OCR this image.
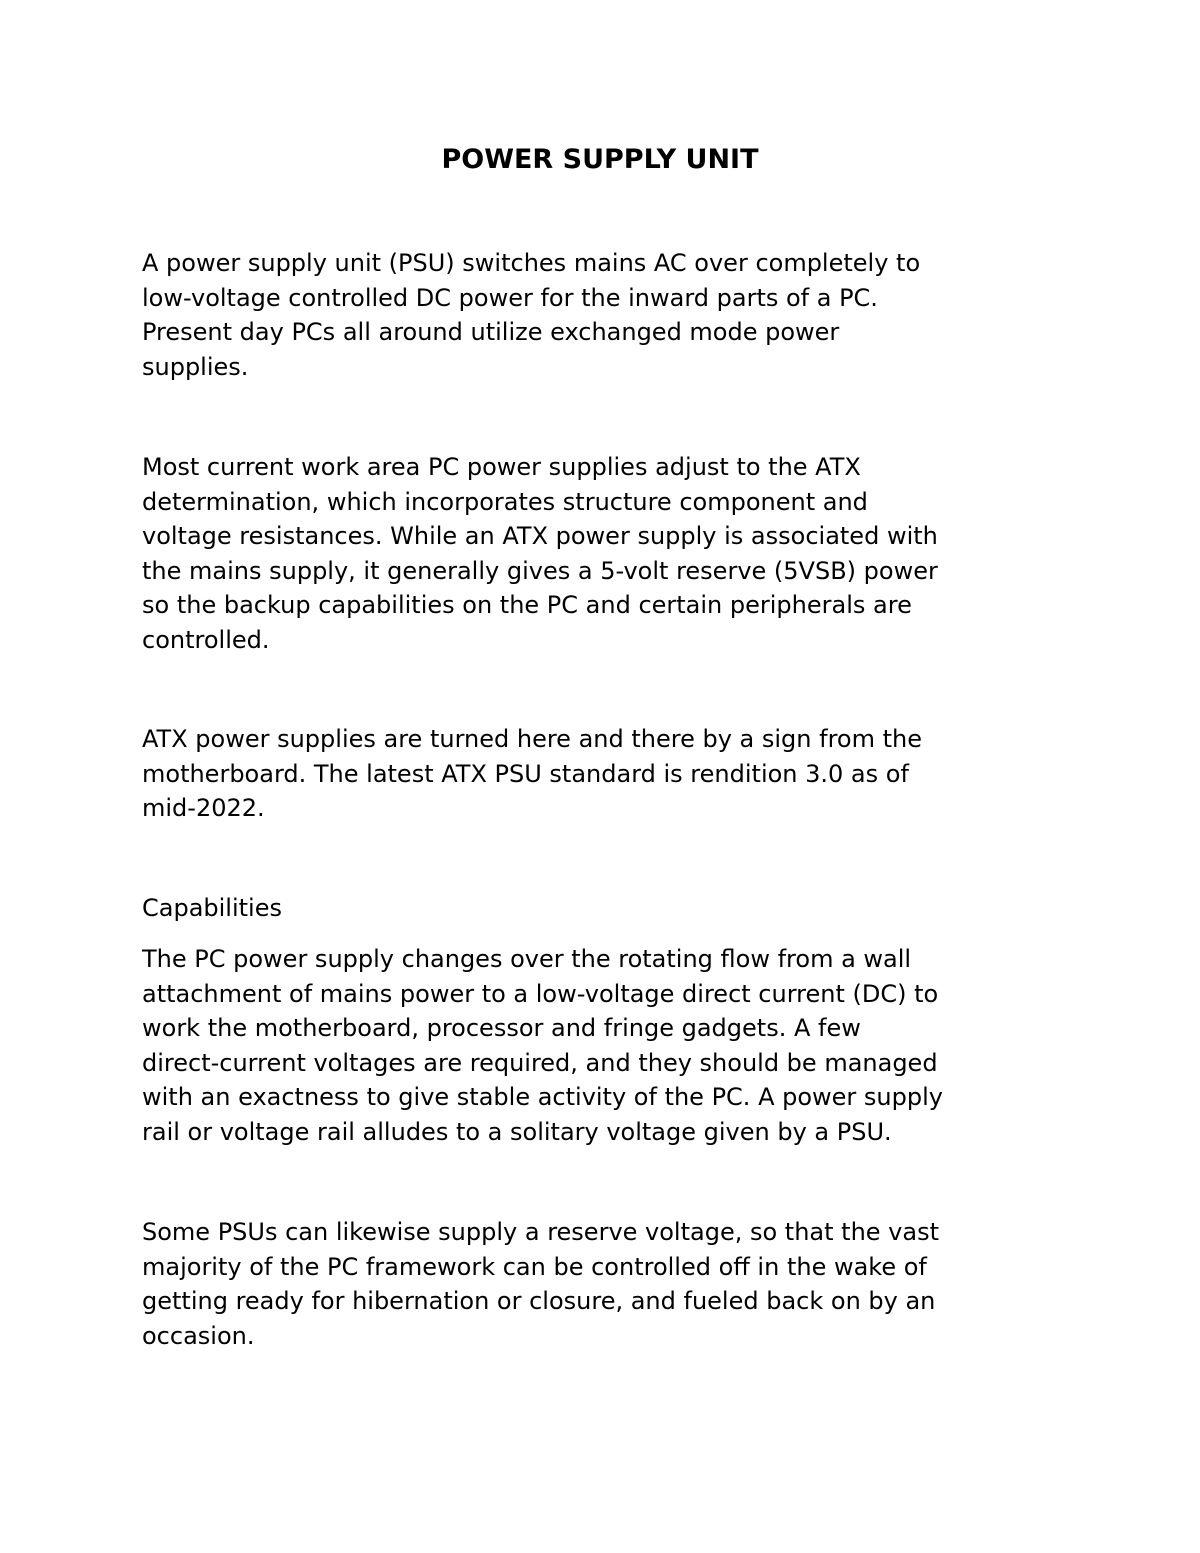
POWER SUPPLY UNIT

A power supply unit (PSU) switches mains AC over completely to
low-voltage controlled DC power for the inward parts of a PC.
Present day PCs all around utilize exchanged mode power
supplies.

Most current work area PC power supplies adjust to the ATX
determination, which incorporates structure component and
voltage resistances. While an ATX power supply is associated with
the mains supply, it generally gives a 5-volt reserve (5VSB) power
so the backup capabilities on the PC and certain peripherals are
controlled.

ATX power supplies are turned here and there by a sign from the
motherboard. The latest ATX PSU standard is rendition 3.0 as of
mid-2022.

Capabilities

The PC power supply changes over the rotating flow from a wall
attachment of mains power to a low-voltage direct current (DC) to
work the motherboard, processor and fringe gadgets. A few
direct-current voltages are required, and they should be managed
with an exactness to give stable activity of the PC. A power supply
rail or voltage rail alludes to a solitary voltage given by a PSU.

Some PSUs can likewise supply a reserve voltage, so that the vast
majority of the PC framework can be controlled off in the wake of
getting ready for hibernation or closure, and fueled back on by an
occasion.
